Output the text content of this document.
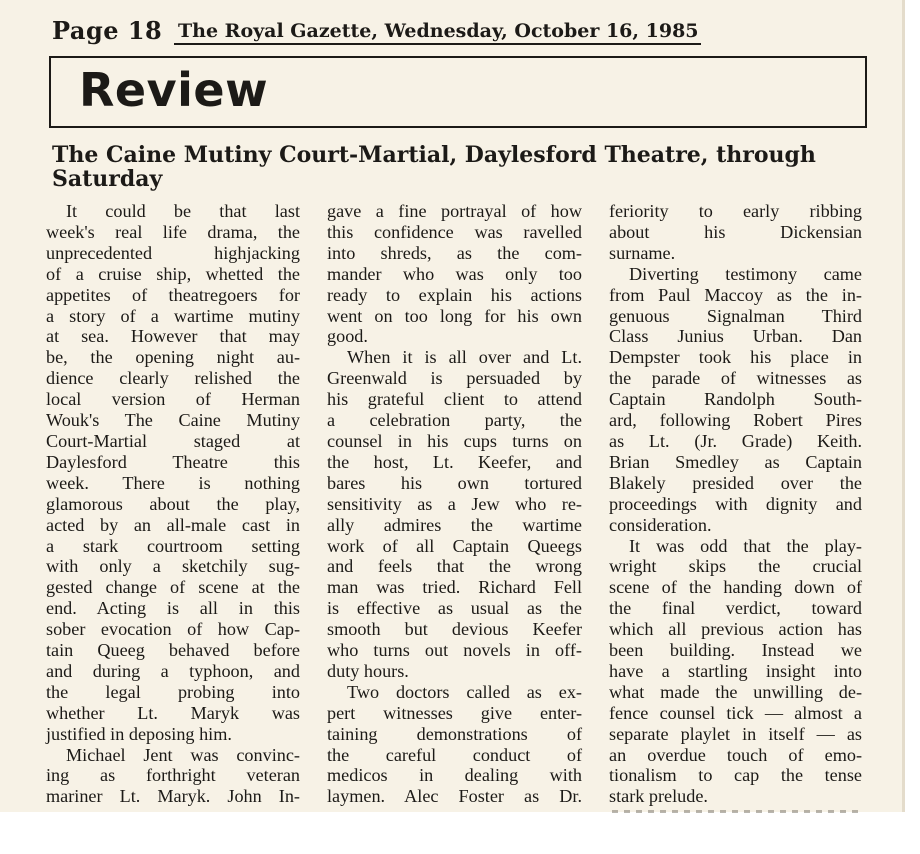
Page 18 The Royal Gazette, Wednesday, October 16, 1985
Review
The Caine Mutiny Court-Martial, Daylesford Theatre, through Saturday
It could be that last
week's real life drama, the
unprecedented highjacking
of a cruise ship, whetted the
appetites of theatregoers for
a story of a wartime mutiny
at sea. However that may
be, the opening night au-
dience clearly relished the
local version of Herman
Wouk's The Caine Mutiny
Court-Martial staged at
Daylesford Theatre this
week. There is nothing
glamorous about the play,
acted by an all-male cast in
a stark courtroom setting
with only a sketchily sug-
gested change of scene at the
end. Acting is all in this
sober evocation of how Cap-
tain Queeg behaved before
and during a typhoon, and
the legal probing into
whether Lt. Maryk was
justified in deposing him.
Michael Jent was convinc-
ing as forthright veteran
mariner Lt. Maryk. John In-
gave a fine portrayal of how
this confidence was ravelled
into shreds, as the com-
mander who was only too
ready to explain his actions
went on too long for his own
good.
When it is all over and Lt.
Greenwald is persuaded by
his grateful client to attend
a celebration party, the
counsel in his cups turns on
the host, Lt. Keefer, and
bares his own tortured
sensitivity as a Jew who re-
ally admires the wartime
work of all Captain Queegs
and feels that the wrong
man was tried. Richard Fell
is effective as usual as the
smooth but devious Keefer
who turns out novels in off-
duty hours.
Two doctors called as ex-
pert witnesses give enter-
taining demonstrations of
the careful conduct of
medicos in dealing with
laymen. Alec Foster as Dr.
feriority to early ribbing
about his Dickensian
surname.
Diverting testimony came
from Paul Maccoy as the in-
genuous Signalman Third
Class Junius Urban. Dan
Dempster took his place in
the parade of witnesses as
Captain Randolph South-
ard, following Robert Pires
as Lt. (Jr. Grade) Keith.
Brian Smedley as Captain
Blakely presided over the
proceedings with dignity and
consideration.
It was odd that the play-
wright skips the crucial
scene of the handing down of
the final verdict, toward
which all previous action has
been building. Instead we
have a startling insight into
what made the unwilling de-
fence counsel tick — almost a
separate playlet in itself — as
an overdue touch of emo-
tionalism to cap the tense
stark prelude.
